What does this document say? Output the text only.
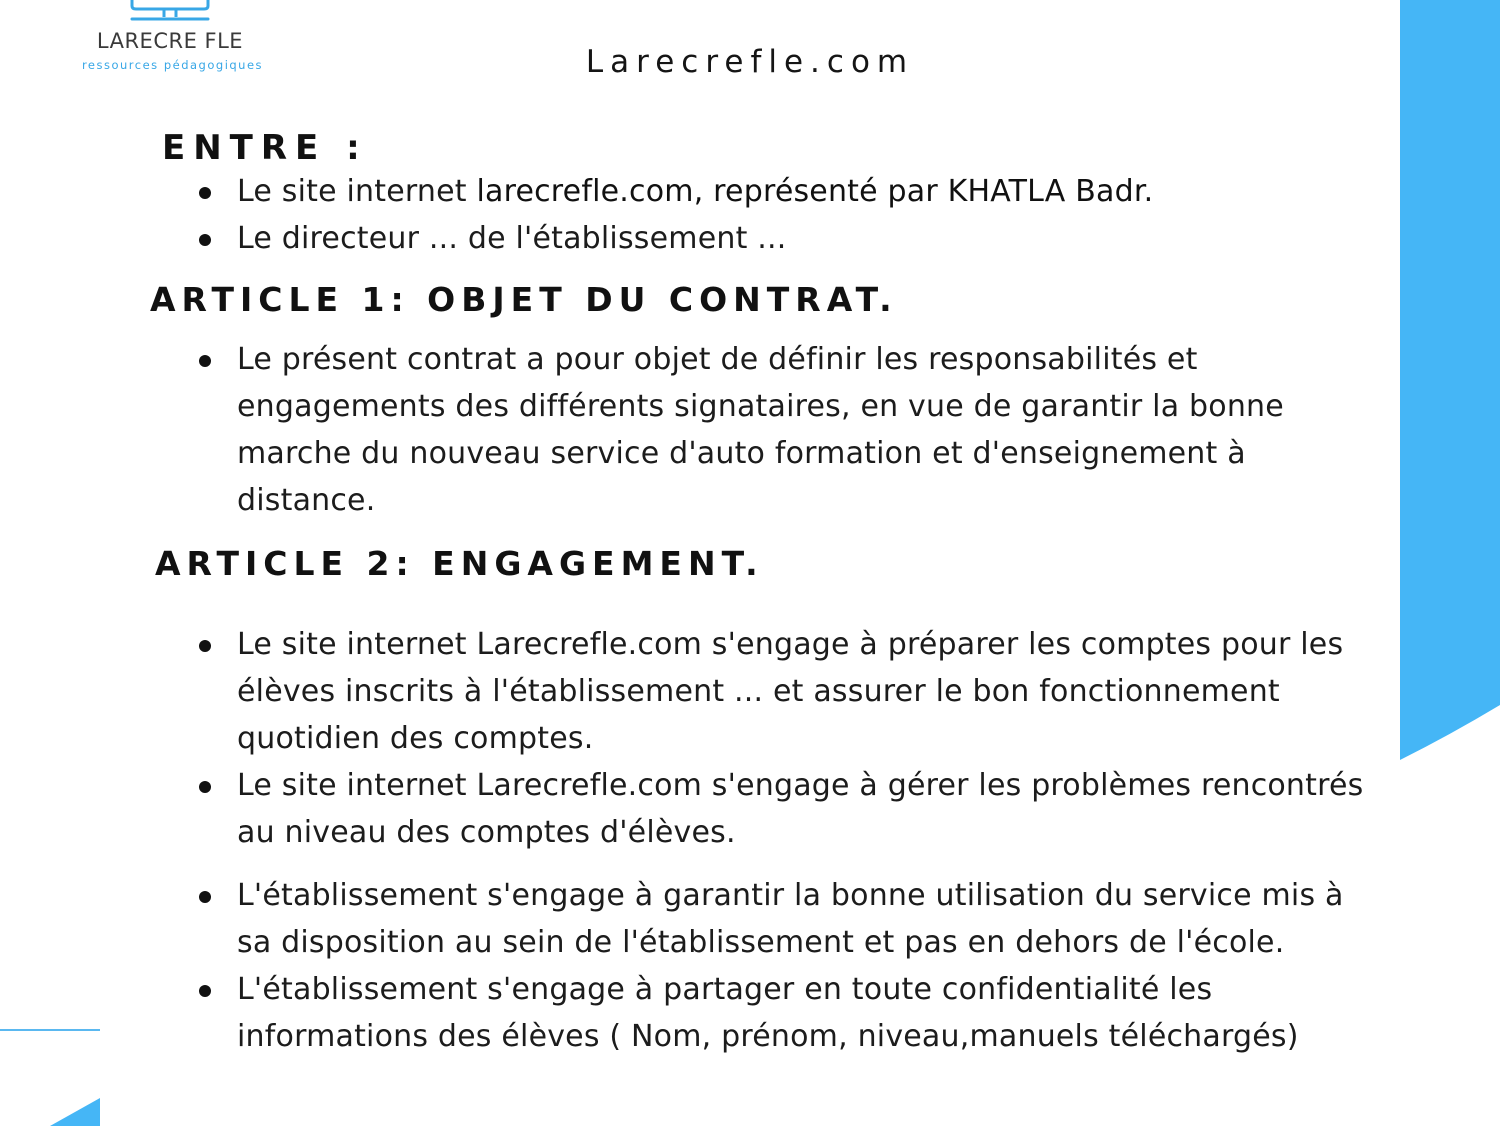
LARECRE FLE
ressources pédagogiques	Larecrefle.com
ENTRE :
Le site internet larecrefle.com, représenté par KHATLA Badr.
Le directeur ... de l'établissement ...
ARTICLE 1: OBJET DU CONTRAT.
Le présent contrat a pour objet de définir les responsabilités et engagements des différents signataires, en vue de garantir la bonne marche du nouveau service d'auto formation et d'enseignement à distance.
ARTICLE 2: ENGAGEMENT.
Le site internet Larecrefle.com s'engage à préparer les comptes pour les élèves inscrits à l'établissement ... et assurer le bon fonctionnement quotidien des comptes.
Le site internet Larecrefle.com s'engage à gérer les problèmes rencontrés au niveau des comptes d'élèves.
L'établissement s'engage à garantir la bonne utilisation du service mis à sa disposition au sein de l'établissement et pas en dehors de l'école.
L'établissement s'engage à partager en toute confidentialité les informations des élèves ( Nom, prénom, niveau,manuels téléchargés)
